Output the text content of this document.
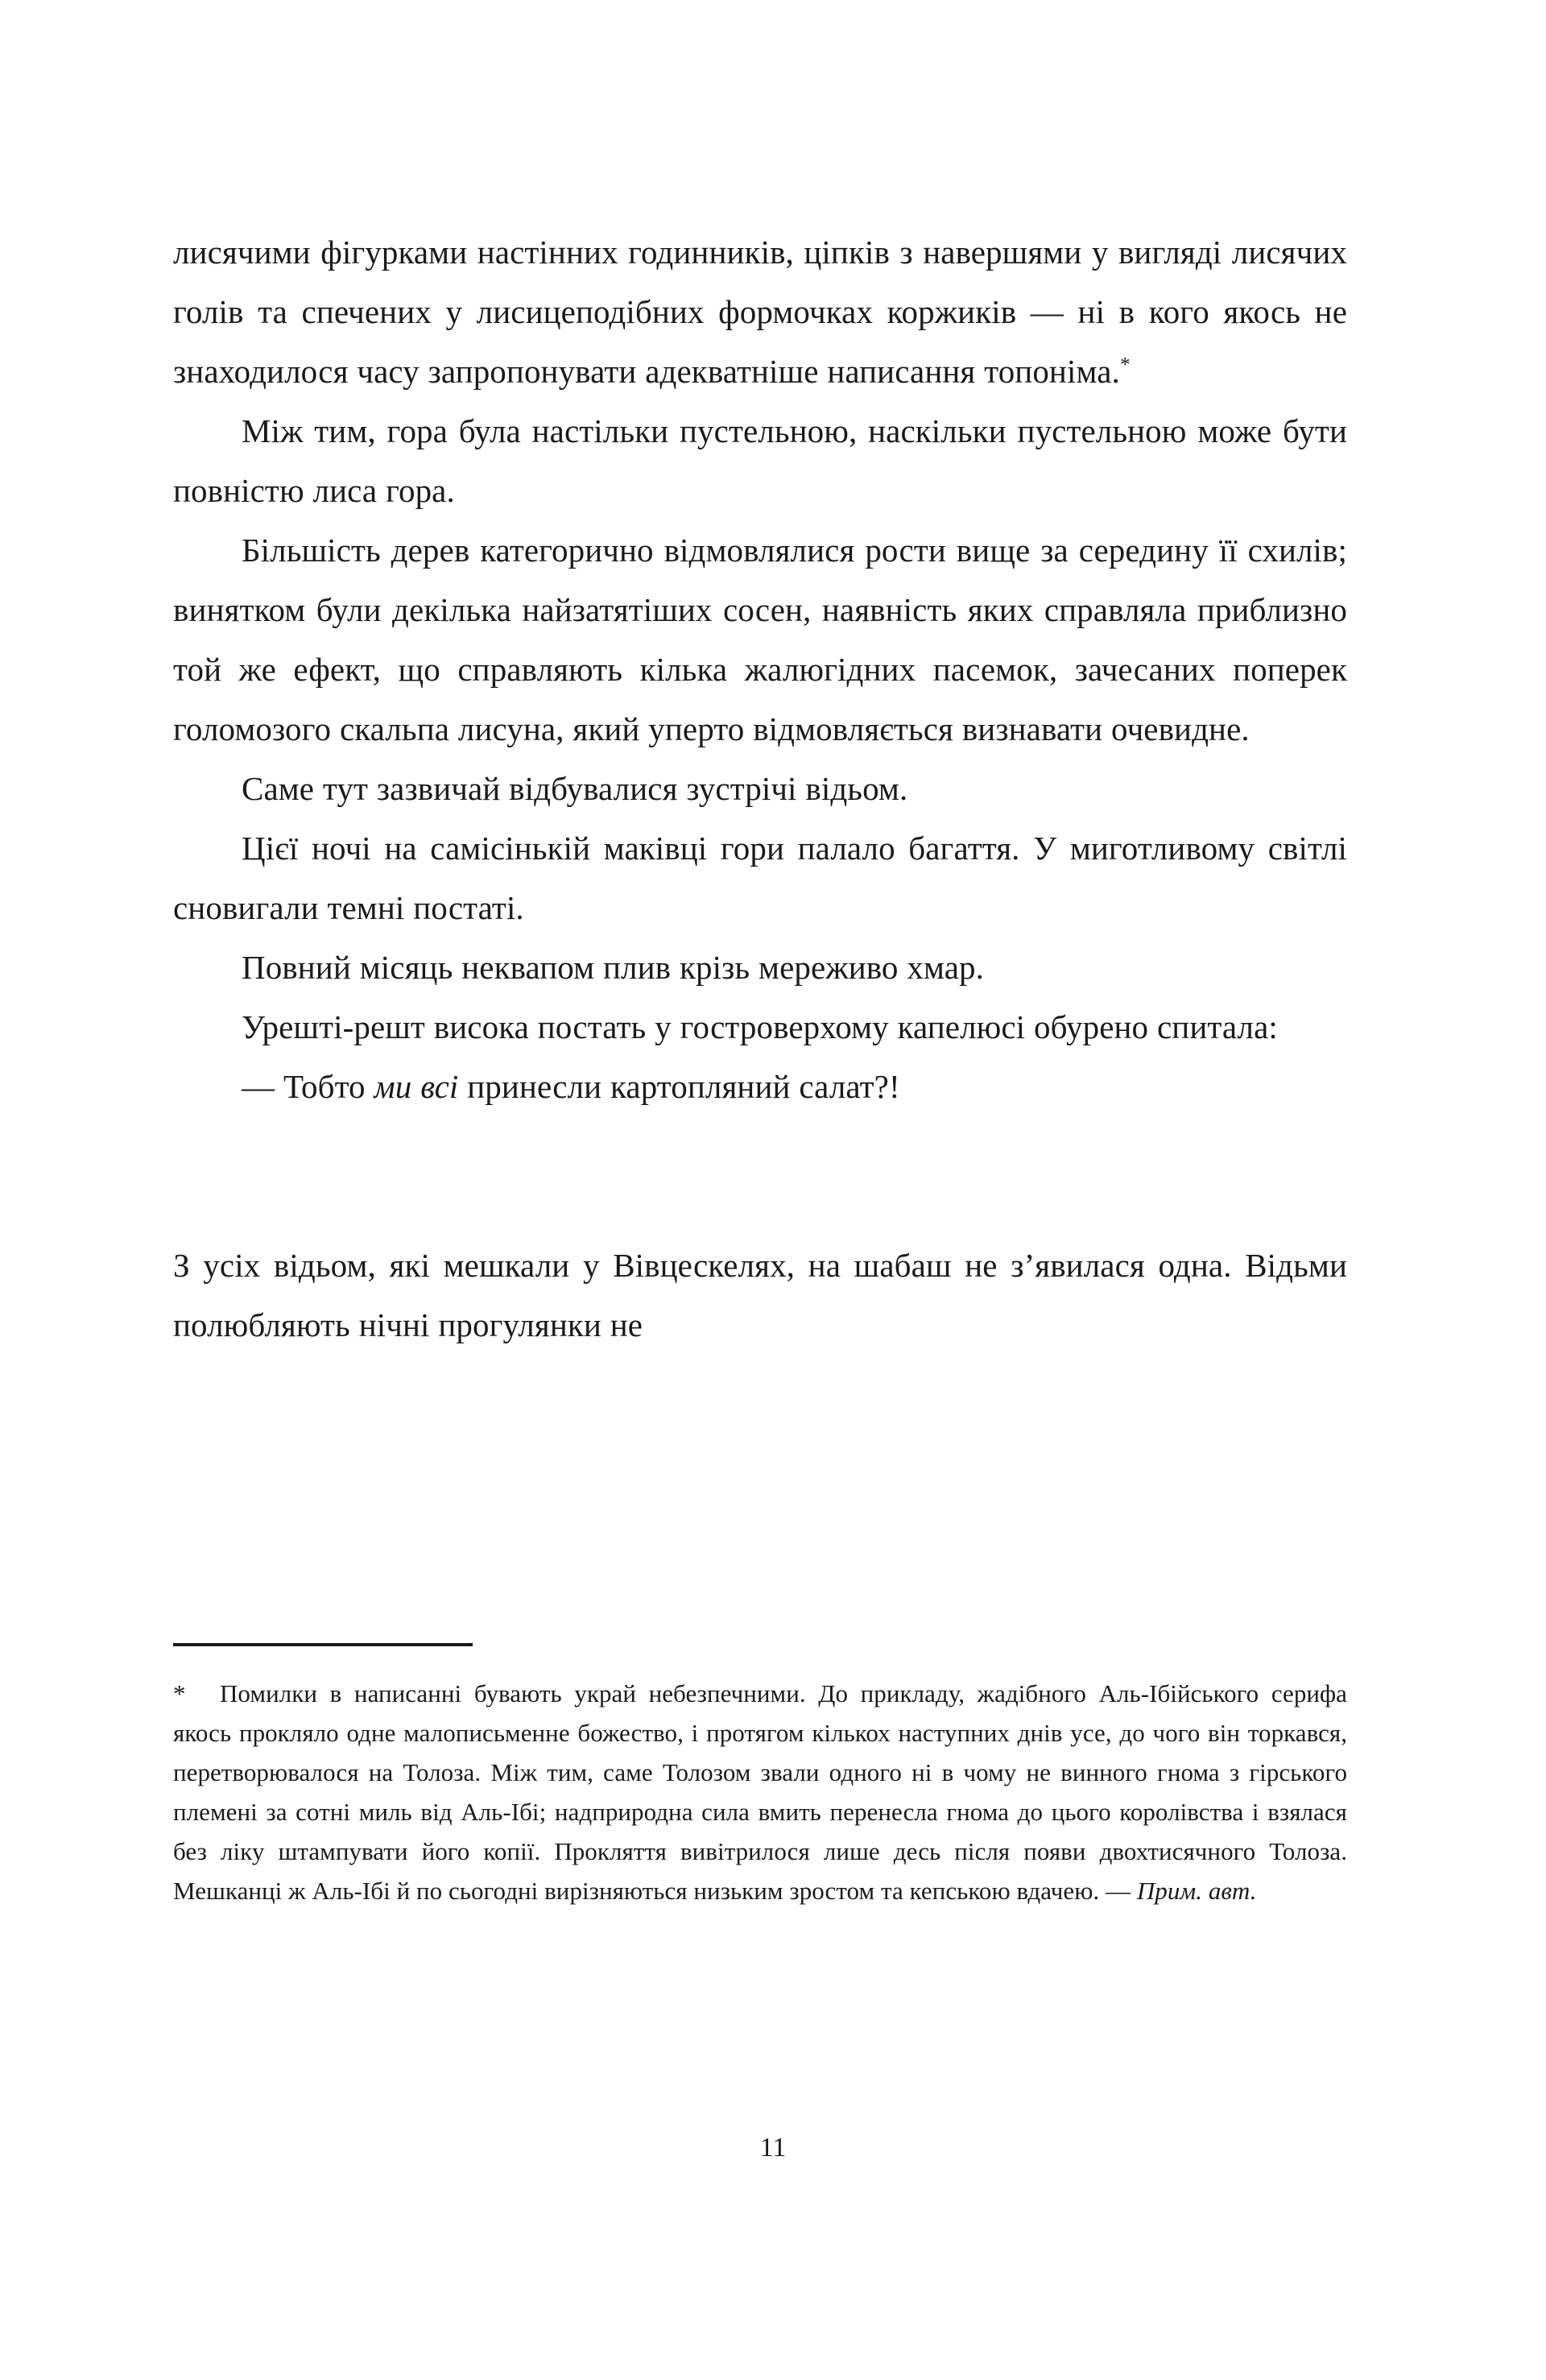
лисячими фігурками настінних годинників, ціпків з навершями у вигляді лисячих голів та спечених у лисицеподібних формочках коржиків — ні в кого якось не знаходилося часу запропонувати адекватніше написання топоніма.*

Між тим, гора була настільки пустельною, наскільки пустельною може бути повністю лиса гора.

Більшість дерев категорично відмовлялися рости вище за середину її схилів; винятком були декілька найзатятіших сосен, наявність яких справляла приблизно той же ефект, що справляють кілька жалюгідних пасемок, зачесаних поперек голомозого скальпа лисуна, який уперто відмовляється визнавати очевидне.

Саме тут зазвичай відбувалися зустрічі відьом.

Цієї ночі на самісінькій маківці гори палало багаття. У миготливому світлі сновигали темні постаті.

Повний місяць неквапом плив крізь мереживо хмар.

Урешті-решт висока постать у гостроверхому капелюсі обурено спитала:

— Тобто ми всі принесли картопляний салат?!

З усіх відьом, які мешкали у Вівцескелях, на шабаш не з’явилася одна. Відьми полюбляють нічні прогулянки не

* Помилки в написанні бувають украй небезпечними. До прикладу, жадібного Аль-Ібійського серифа якось прокляло одне малописьменне божество, і протягом кількох наступних днів усе, до чого він торкався, перетворювалося на Толоза. Між тим, саме Толозом звали одного ні в чому не винного гнома з гірського племені за сотні миль від Аль-Ібі; надприродна сила вмить перенесла гнома до цього королівства і взялася без ліку штампувати його копії. Прокляття вивітрилося лише десь після появи двохтисячного Толоза. Мешканці ж Аль-Ібі й по сьогодні вирізняються низьким зростом та кепською вдачею. — Прим. авт.

11
